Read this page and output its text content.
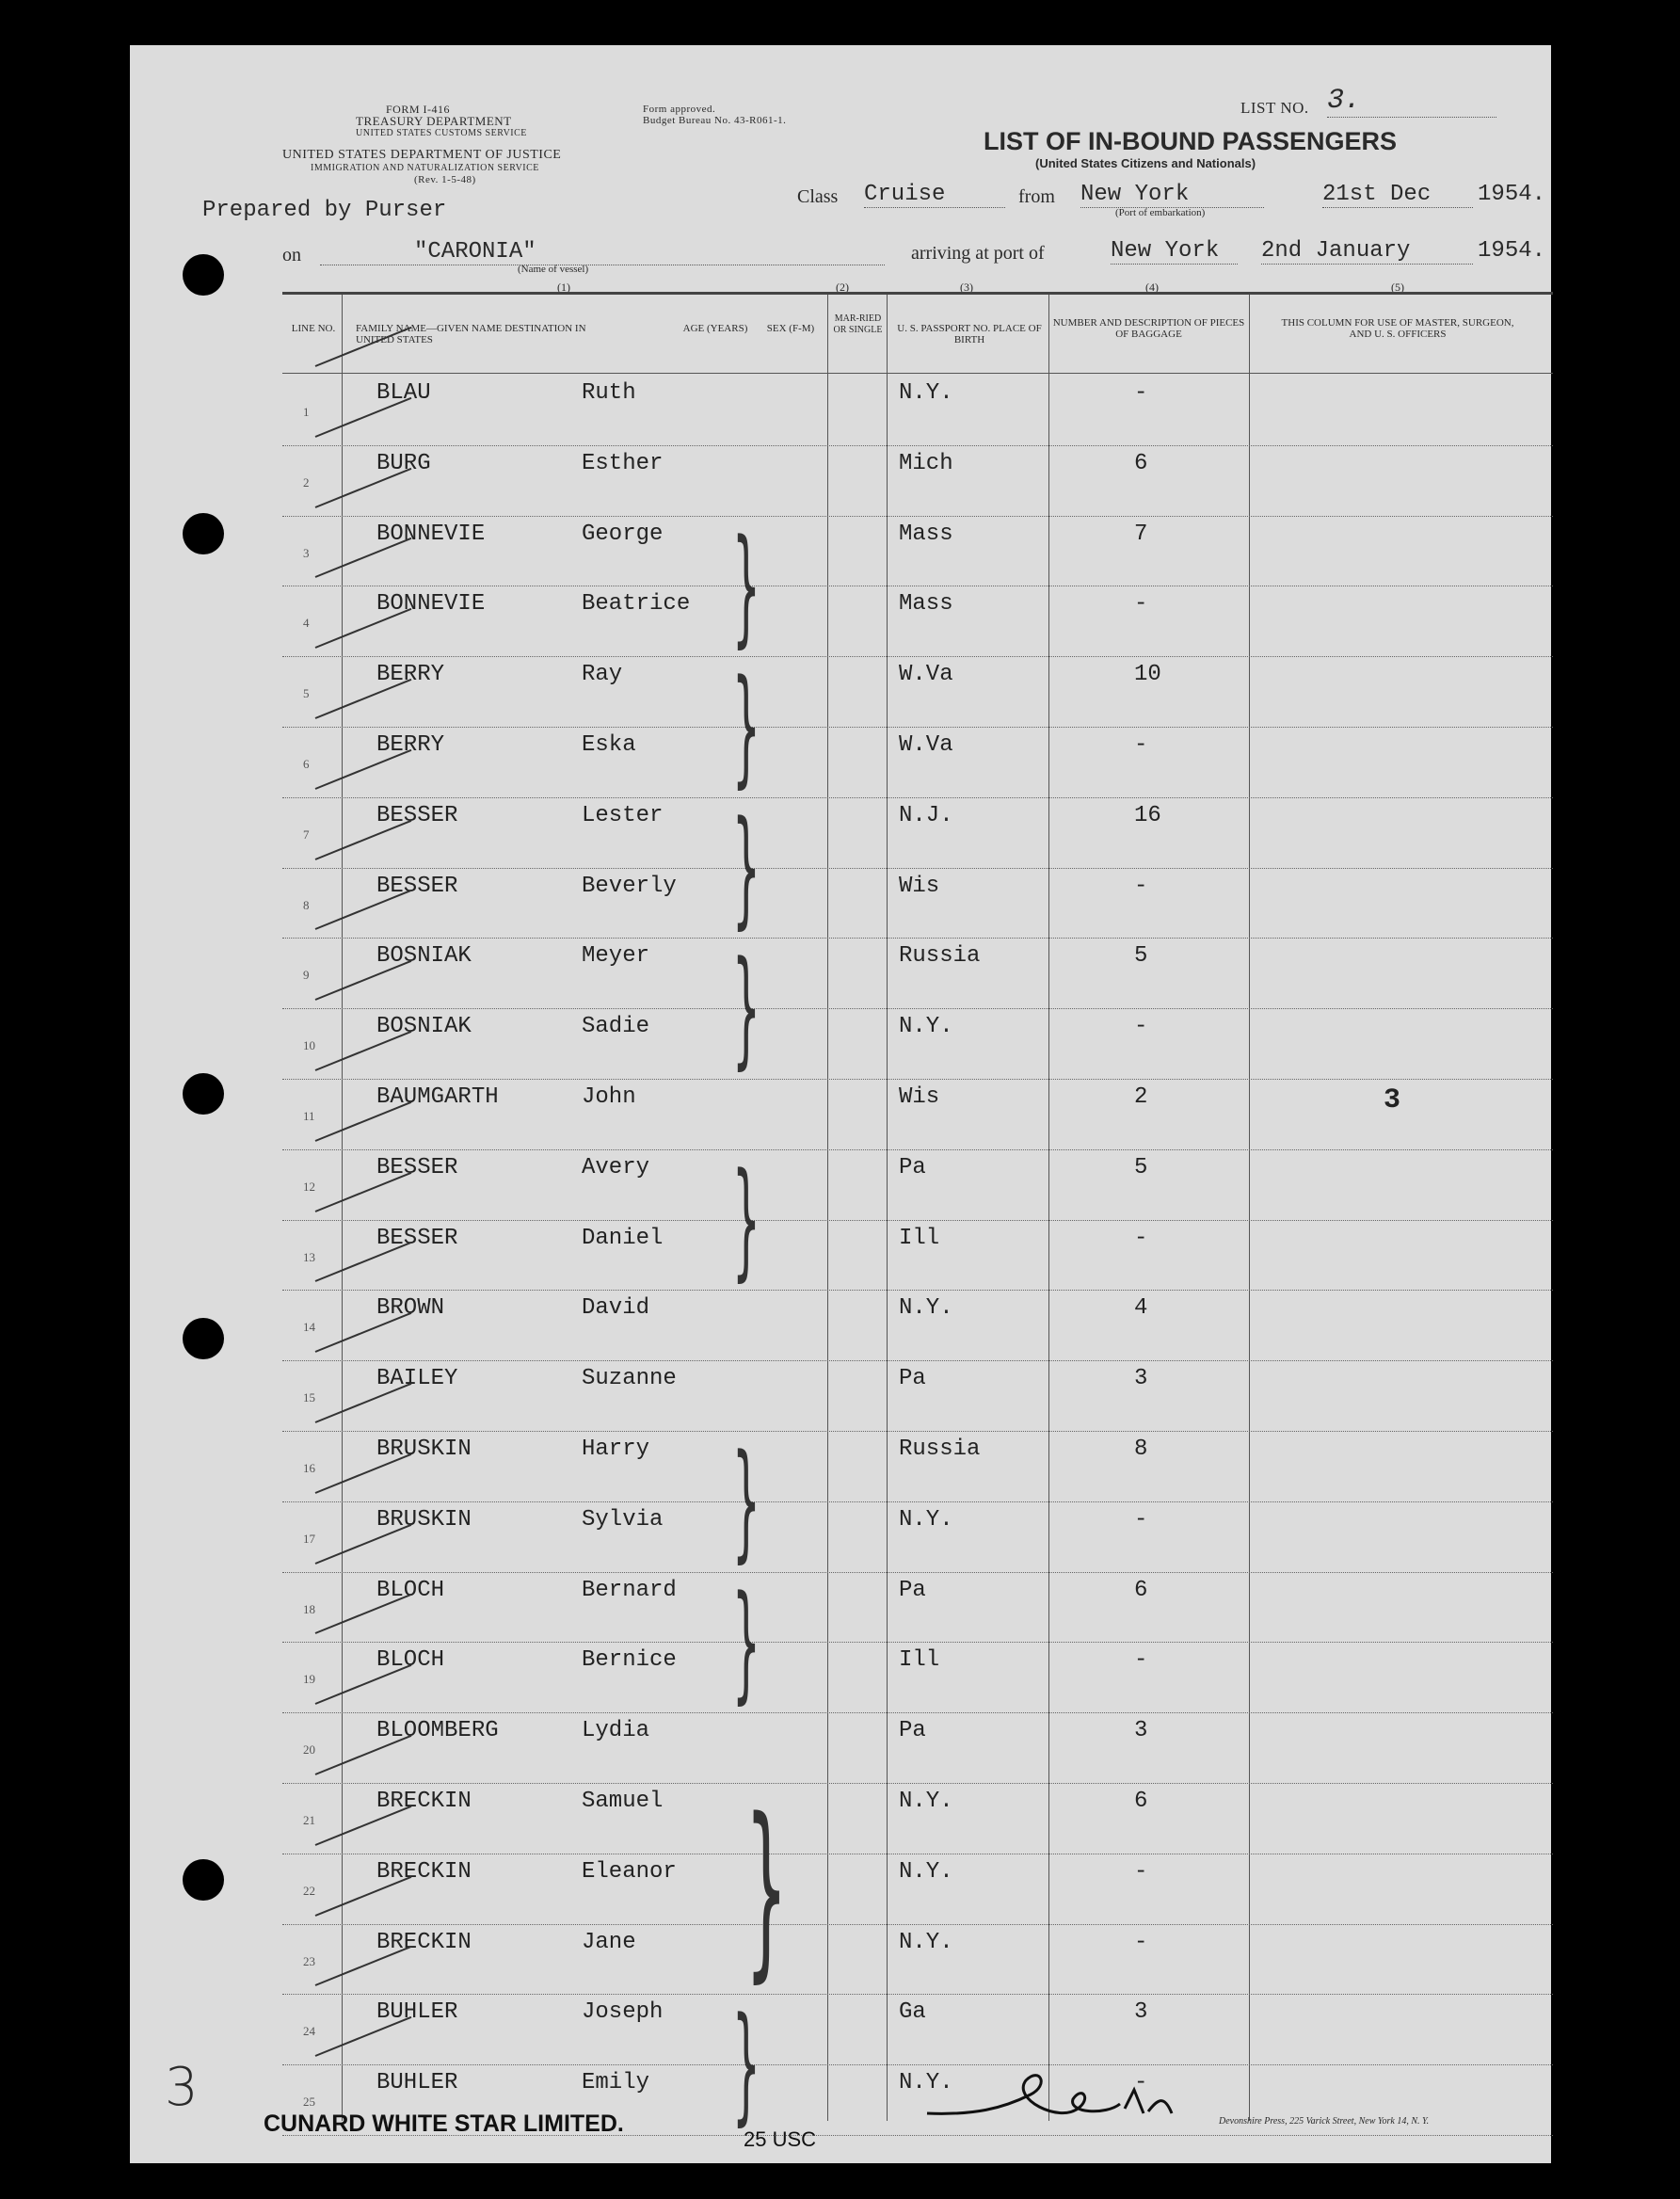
FORM I-416
TREASURY DEPARTMENT
UNITED STATES CUSTOMS SERVICE
Form approved.
Budget Bureau No. 43-R061-1.
UNITED STATES DEPARTMENT OF JUSTICE
IMMIGRATION AND NATURALIZATION SERVICE
(Rev. 1-5-48)
LIST NO. 3.
LIST OF IN-BOUND PASSENGERS
(United States Citizens and Nationals)
Prepared by Purser
Class Cruise	from New York
(Port of embarkation)
21st Dec	1954.
on	"CARONIA"
(Name of vessel)
arriving at port of	New York	2nd January	1954.
(1)	(2)	(3)	(4)	(5)
LINE NO. FAMILY NAME—GIVEN NAME DESTINATION IN UNITED STATES
AGE (YEARS)	SEX (F-M)
MAR-RIED OR SINGLE U. S. PASSPORT NO. PLACE OF BIRTH
NUMBER AND DESCRIPTION OF PIECES OF BAGGAGE
THIS COLUMN FOR USE OF MASTER, SURGEON, AND U. S. OFFICERS
1
BLAU	Ruth	N.Y.	-
2
BURG	Esther	Mich	6
3
BONNEVIE	George	Mass	7
4
BONNEVIE	Beatrice	Mass	-
5
BERRY	Ray	W.Va	10
6
BERRY	Eska	W.Va	-
7
BESSER	Lester	N.J.	16
8
BESSER	Beverly	Wis	-
9
BOSNIAK	Meyer	Russia	5
10
BOSNIAK	Sadie	N.Y.	-
11
BAUMGARTH	John	Wis	2	3
12
BESSER	Avery	Pa	5
13
BESSER	Daniel	Ill	-
14
BROWN	David	N.Y.	4
15
BAILEY	Suzanne	Pa	3
16
BRUSKIN	Harry	Russia	8
17
BRUSKIN	Sylvia	N.Y.	-
18
BLOCH	Bernard	Pa	6
19
BLOCH	Bernice	Ill	-
20
BLOOMBERG	Lydia	Pa	3
21
BRECKIN	Samuel	N.Y.	6
22
BRECKIN	Eleanor	N.Y.	-
23
BRECKIN	Jane	N.Y.	-
24
BUHLER	Joseph	Ga	3
25
BUHLER	Emily	N.Y.	-
}
}
}
}
}
}
}
}
}
3
CUNARD WHITE STAR LIMITED.
25 USC
Devonshire Press, 225 Varick Street, New York 14, N. Y.
